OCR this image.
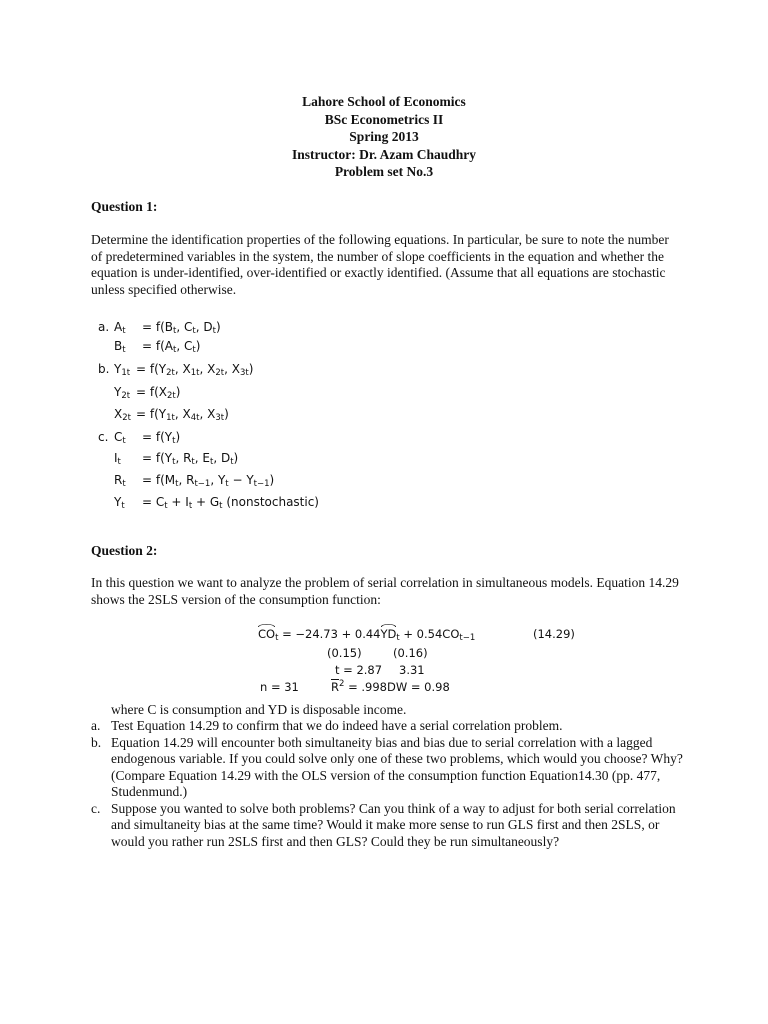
Lahore School of Economics
BSc Econometrics II
Spring 2013
Instructor: Dr. Azam Chaudhry
Problem set No.3
Question 1:
Determine the identification properties of the following equations. In particular, be sure to note the number of predetermined variables in the system, the number of slope coefficients in the equation and whether the equation is under-identified, over-identified or exactly identified. (Assume that all equations are stochastic unless specified otherwise.
a. $A_t = f(B_t$, $C_t$, $D_t$)
$B_t = f(A_t$, $C_t$)
b. $Y_{1t} = f(Y_{2t}$, $X_{1t}$, $X_{2t}$, $X_{3t}$)
$Y_{2t} = f(X_{2t})$
$X_{2t} = f(Y_{1t}$, $X_{4t}$, $X_{3t}$)
c. $C_t = f(Y_t)$
$I_t = f(Y_t$, $R_t$, $E_t$, $D_t$)
$R_t = f(M_t$, $R_{t-1}$, $Y_t - Y_{t-1}$)
$Y_t = C_t + I_t + G_t$ (nonstochastic)
Question 2:
In this question we want to analyze the problem of serial correlation in simultaneous models. Equation 14.29 shows the 2SLS version of the consumption function:
$CO_t = -24.73 + 0.44YD_t + 0.54CO_{t-1}$	(14.29)
(0.15)	(0.16)
t = 2.87 3.31
n = 31	$\overline{R}^2 = .998$ DW = 0.98
where C is consumption and YD is disposable income.
a. Test Equation 14.29 to confirm that we do indeed have a serial correlation problem.
b. Equation 14.29 will encounter both simultaneity bias and bias due to serial correlation with a lagged endogenous variable. If you could solve only one of these two problems, which would you choose? Why? (Compare Equation 14.29 with the OLS version of the consumption function Equation14.30 (pp. 477, Studenmund.)
c. Suppose you wanted to solve both problems? Can you think of a way to adjust for both serial correlation and simultaneity bias at the same time? Would it make more sense to run GLS first and then 2SLS, or would you rather run 2SLS first and then GLS? Could they be run simultaneously?
